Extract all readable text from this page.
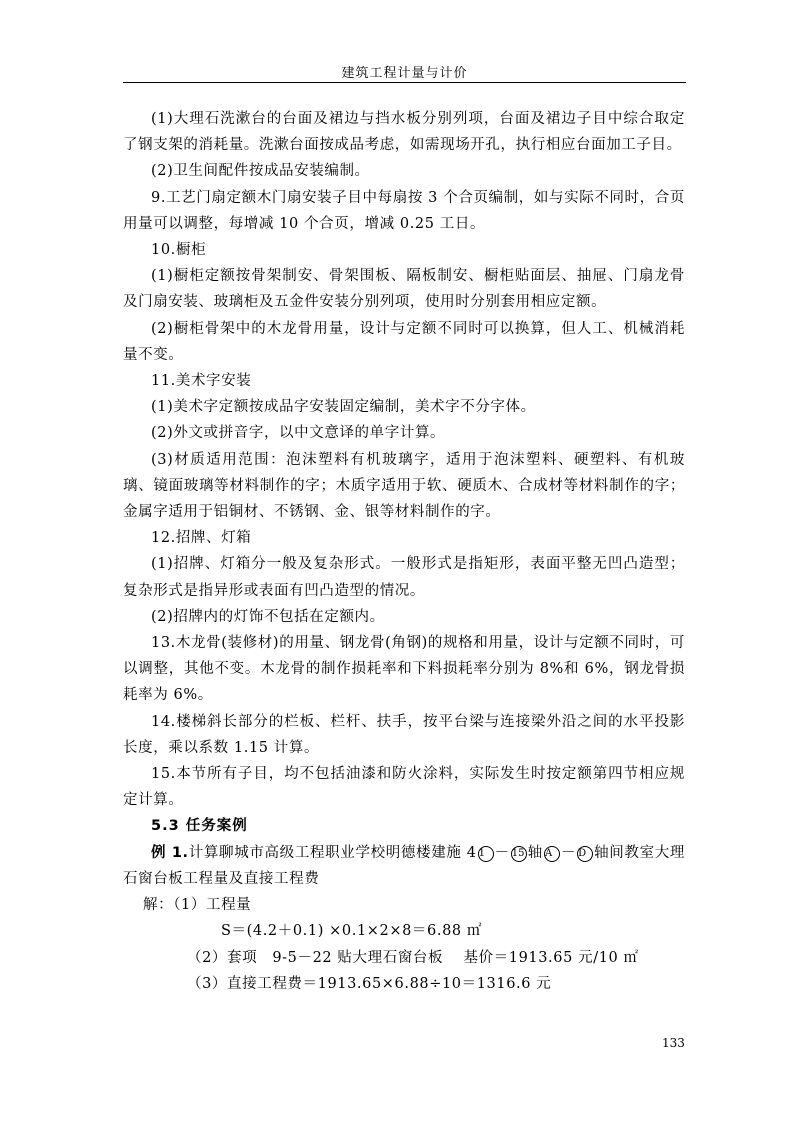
建筑工程计量与计价

(1)大理石洗漱台的台面及裙边与挡水板分别列项，台面及裙边子目中综合取定了钢支架的消耗量。洗漱台面按成品考虑，如需现场开孔，执行相应台面加工子目。

(2)卫生间配件按成品安装编制。

9.工艺门扇定额木门扇安装子目中每扇按 3 个合页编制，如与实际不同时，合页用量可以调整，每增减 10 个合页，增减 0.25 工日。

10.橱柜

(1)橱柜定额按骨架制安、骨架围板、隔板制安、橱柜贴面层、抽屉、门扇龙骨及门扇安装、玻璃柜及五金件安装分别列项，使用时分别套用相应定额。

(2)橱柜骨架中的木龙骨用量，设计与定额不同时可以换算，但人工、机械消耗量不变。

11.美术字安装

(1)美术字定额按成品字安装固定编制，美术字不分字体。

(2)外文或拼音字，以中文意译的单字计算。

(3)材质适用范围：泡沫塑料有机玻璃字，适用于泡沫塑料、硬塑料、有机玻璃、镜面玻璃等材料制作的字；木质字适用于软、硬质木、合成材等材料制作的字；金属字适用于铝铜材、不锈钢、金、银等材料制作的字。

12.招牌、灯箱

(1)招牌、灯箱分一般及复杂形式。一般形式是指矩形，表面平整无凹凸造型；复杂形式是指异形或表面有凹凸造型的情况。

(2)招牌内的灯饰不包括在定额内。

13.木龙骨(装修材)的用量、钢龙骨(角钢)的规格和用量，设计与定额不同时，可以调整，其他不变。木龙骨的制作损耗率和下料损耗率分别为 8%和 6%，钢龙骨损耗率为 6%。

14.楼梯斜长部分的栏板、栏杆、扶手，按平台梁与连接梁外沿之间的水平投影长度，乘以系数 1.15 计算。

15.本节所有子目，均不包括油漆和防火涂料，实际发生时按定额第四节相应规定计算。

5.3 任务案例

例 1.计算聊城市高级工程职业学校明德楼建施 4 1 － 15 轴 A － D 轴间教室大理石窗台板工程量及直接工程费

解：（1）工程量

S＝(4.2＋0.1) ×0.1×2×8＝6.88 ㎡

（2）套项　9-5－22 贴大理石窗台板　 基价＝1913.65 元/10 ㎡

（3）直接工程费＝1913.65×6.88÷10＝1316.6 元

133
